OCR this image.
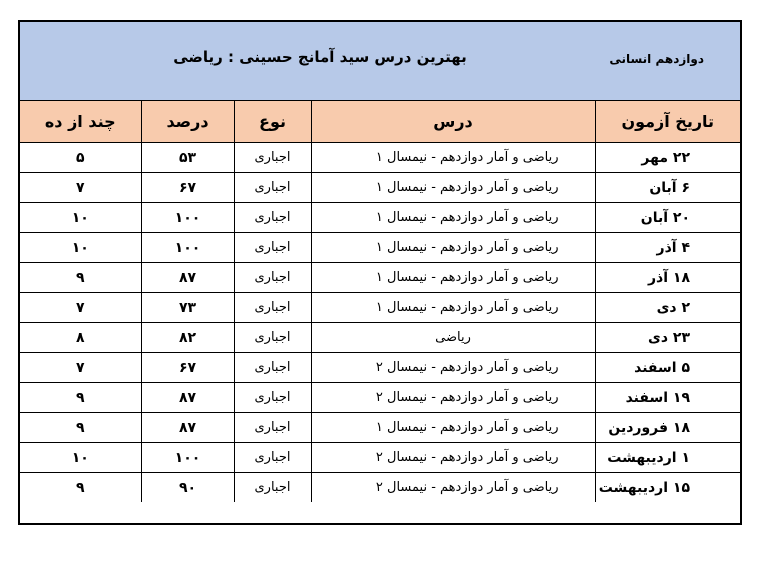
بهترین درس سید آمانج حسینی : ریاضی	دوازدهم انسانی
چند از ده	درصد	نوع	درس	تاریخ آزمون
۵	۵۳	اجباری	ریاضی و آمار دوازدهم - نیمسال ۱	۲۲ مهر
۷	۶۷	اجباری	ریاضی و آمار دوازدهم - نیمسال ۱	۶ آبان
۱۰	۱۰۰	اجباری	ریاضی و آمار دوازدهم - نیمسال ۱	۲۰ آبان
۱۰	۱۰۰	اجباری	ریاضی و آمار دوازدهم - نیمسال ۱	۴ آذر
۹	۸۷	اجباری	ریاضی و آمار دوازدهم - نیمسال ۱	۱۸ آذر
۷	۷۳	اجباری	ریاضی و آمار دوازدهم - نیمسال ۱	۲ دی
۸	۸۲	اجباری	ریاضی	۲۳ دی
۷	۶۷	اجباری	ریاضی و آمار دوازدهم - نیمسال ۲	۵ اسفند
۹	۸۷	اجباری	ریاضی و آمار دوازدهم - نیمسال ۲	۱۹ اسفند
۹	۸۷	اجباری	ریاضی و آمار دوازدهم - نیمسال ۱	۱۸ فروردین
۱۰	۱۰۰	اجباری	ریاضی و آمار دوازدهم - نیمسال ۲	۱ اردیبهشت
۹	۹۰	اجباری	ریاضی و آمار دوازدهم - نیمسال ۲	۱۵ اردیبهشت
